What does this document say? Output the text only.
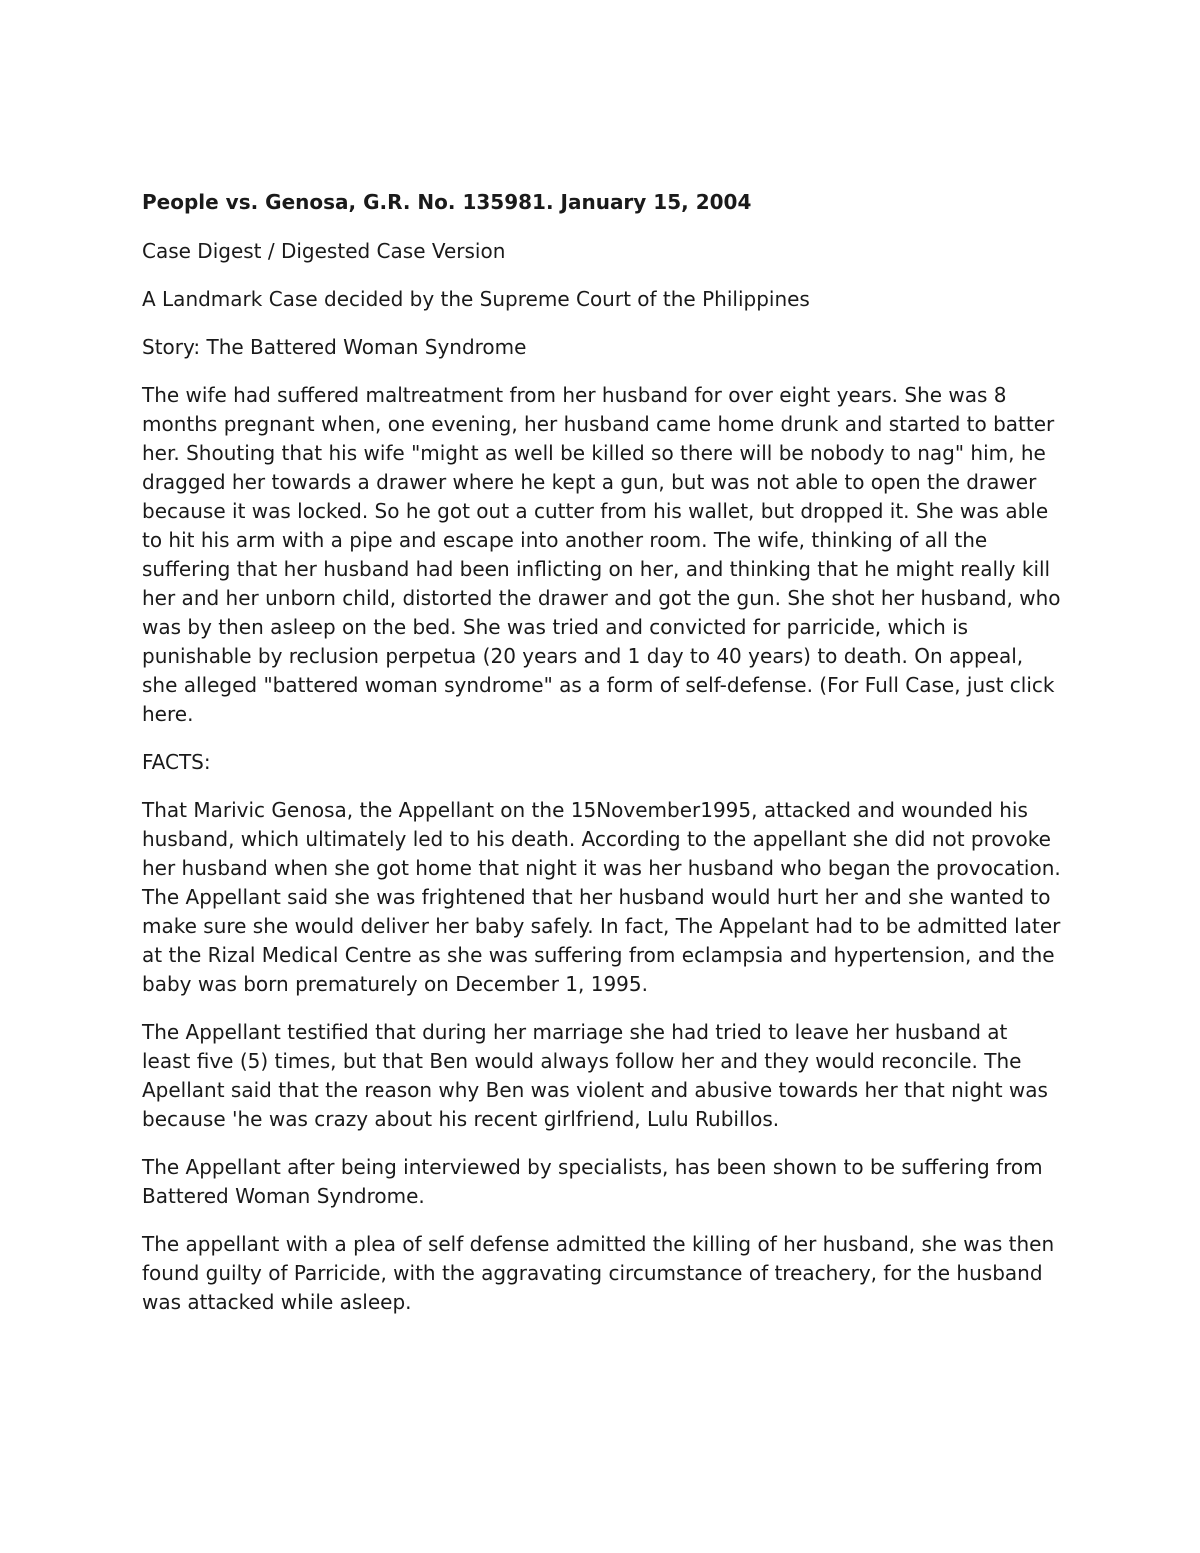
People vs. Genosa, G.R. No. 135981. January 15, 2004

Case Digest / Digested Case Version

A Landmark Case decided by the Supreme Court of the Philippines

Story: The Battered Woman Syndrome

The wife had suffered maltreatment from her husband for over eight years. She was 8 months pregnant when, one evening, her husband came home drunk and started to batter her. Shouting that his wife "might as well be killed so there will be nobody to nag" him, he dragged her towards a drawer where he kept a gun, but was not able to open the drawer because it was locked. So he got out a cutter from his wallet, but dropped it. She was able to hit his arm with a pipe and escape into another room. The wife, thinking of all the suffering that her husband had been inflicting on her, and thinking that he might really kill her and her unborn child, distorted the drawer and got the gun. She shot her husband, who was by then asleep on the bed. She was tried and convicted for parricide, which is punishable by reclusion perpetua (20 years and 1 day to 40 years) to death. On appeal, she alleged "battered woman syndrome" as a form of self-defense. (For Full Case, just click here.

FACTS:

That Marivic Genosa, the Appellant on the 15November1995, attacked and wounded his husband, which ultimately led to his death. According to the appellant she did not provoke her husband when she got home that night it was her husband who began the provocation. The Appellant said she was frightened that her husband would hurt her and she wanted to make sure she would deliver her baby safely. In fact, The Appelant had to be admitted later at the Rizal Medical Centre as she was suffering from eclampsia and hypertension, and the baby was born prematurely on December 1, 1995.

The Appellant testified that during her marriage she had tried to leave her husband at least five (5) times, but that Ben would always follow her and they would reconcile. The Apellant said that the reason why Ben was violent and abusive towards her that night was because 'he was crazy about his recent girlfriend, Lulu Rubillos.

The Appellant after being interviewed by specialists, has been shown to be suffering from Battered Woman Syndrome.

The appellant with a plea of self defense admitted the killing of her husband, she was then found guilty of Parricide, with the aggravating circumstance of treachery, for the husband was attacked while asleep.
